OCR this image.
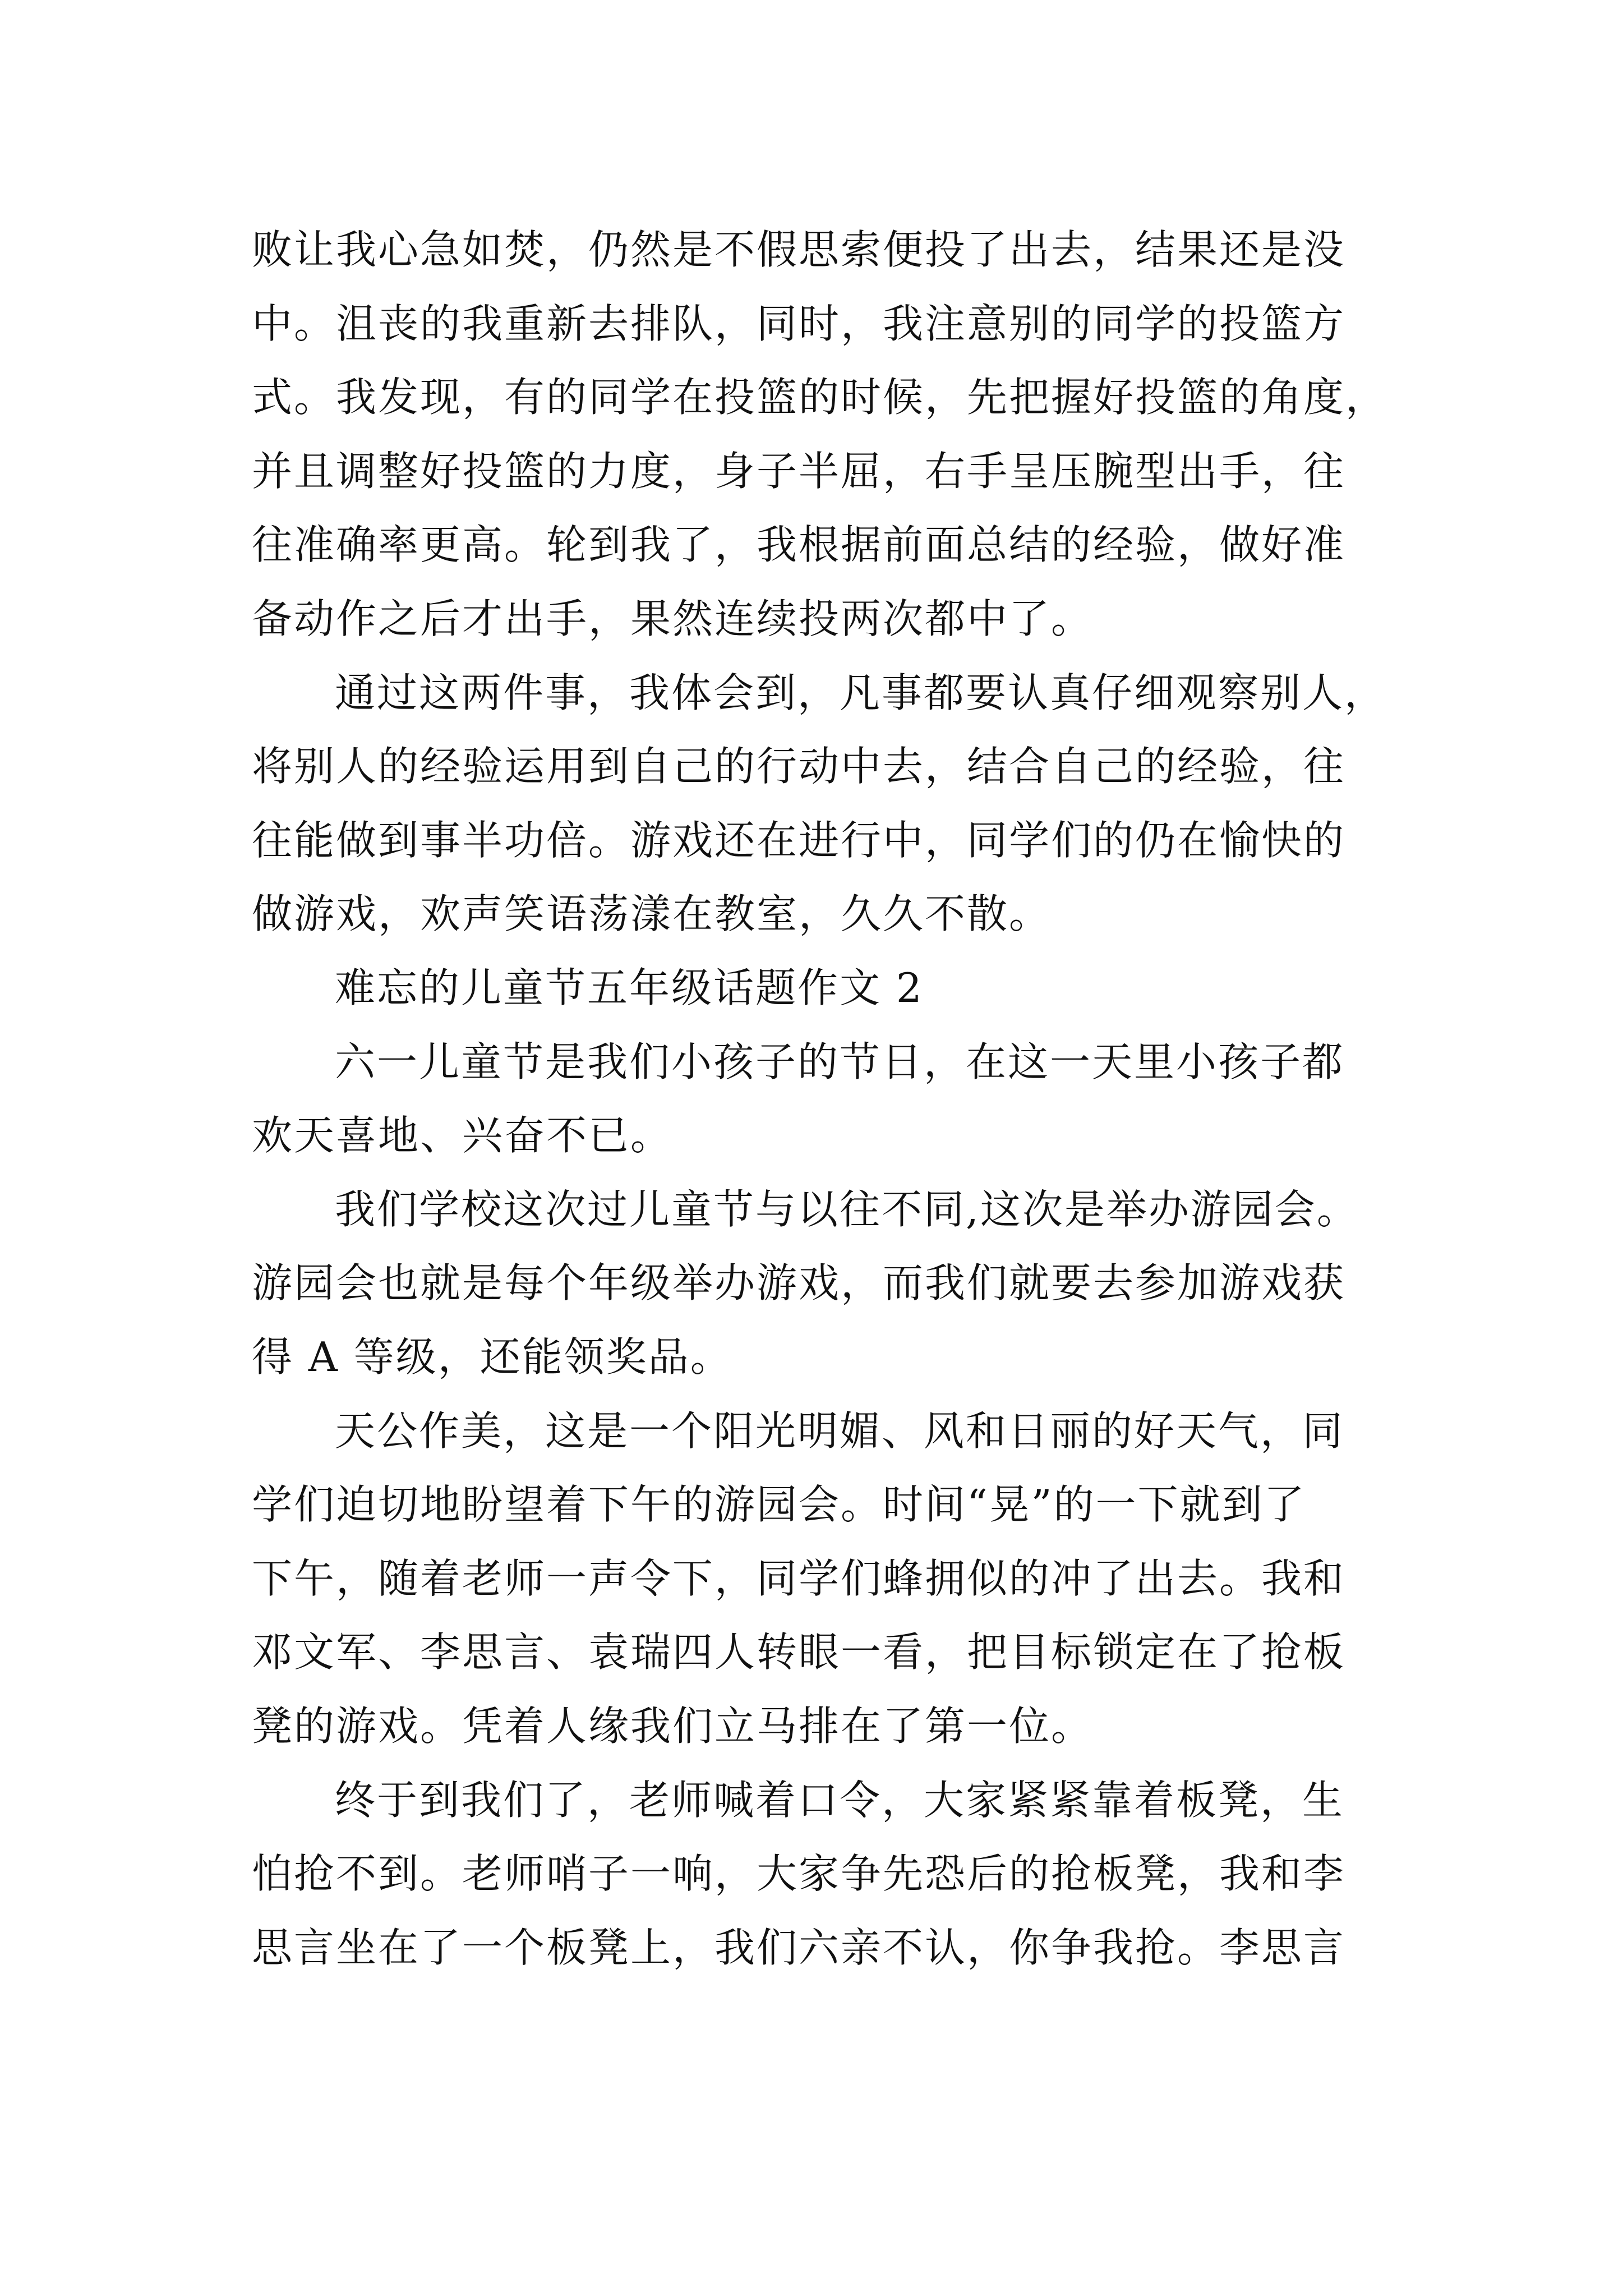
败让我心急如焚，仍然是不假思索便投了出去，结果还是没
中。沮丧的我重新去排队，同时，我注意别的同学的投篮方
式。我发现，有的同学在投篮的时候，先把握好投篮的角度，
并且调整好投篮的力度，身子半屈，右手呈压腕型出手，往
往准确率更高。轮到我了，我根据前面总结的经验，做好准
备动作之后才出手，果然连续投两次都中了。
通过这两件事，我体会到，凡事都要认真仔细观察别人，
将别人的经验运用到自己的行动中去，结合自己的经验，往
往能做到事半功倍。游戏还在进行中，同学们的仍在愉快的
做游戏，欢声笑语荡漾在教室，久久不散。
难忘的儿童节五年级话题作文 2
六一儿童节是我们小孩子的节日，在这一天里小孩子都
欢天喜地、兴奋不已。
我们学校这次过儿童节与以往不同,这次是举办游园会。
游园会也就是每个年级举办游戏，而我们就要去参加游戏获
得 A 等级，还能领奖品。
天公作美，这是一个阳光明媚、风和日丽的好天气，同
学们迫切地盼望着下午的游园会。时间“晃”的一下就到了
下午，随着老师一声令下，同学们蜂拥似的冲了出去。我和
邓文军、李思言、袁瑞四人转眼一看，把目标锁定在了抢板
凳的游戏。凭着人缘我们立马排在了第一位。
终于到我们了，老师喊着口令，大家紧紧靠着板凳，生
怕抢不到。老师哨子一响，大家争先恐后的抢板凳，我和李
思言坐在了一个板凳上，我们六亲不认，你争我抢。李思言
